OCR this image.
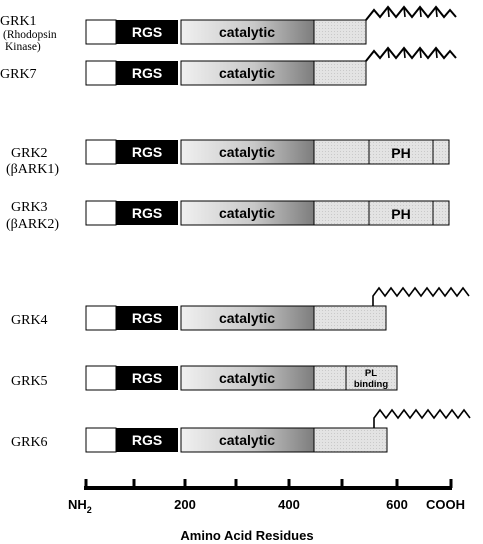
GRK1
(Rhodopsin
Kinase)
RGS	catalytic
GRK7	RGS	catalytic
GRK2
(βARK1)
RGS	catalytic	PH
GRK3
(βARK2)
RGS	catalytic	PH
GRK4	RGS	catalytic
GRK5	RGS	catalytic	PL
binding
GRK6	RGS	catalytic
$NH_2$	200	400	600 COOH
Amino Acid Residues
